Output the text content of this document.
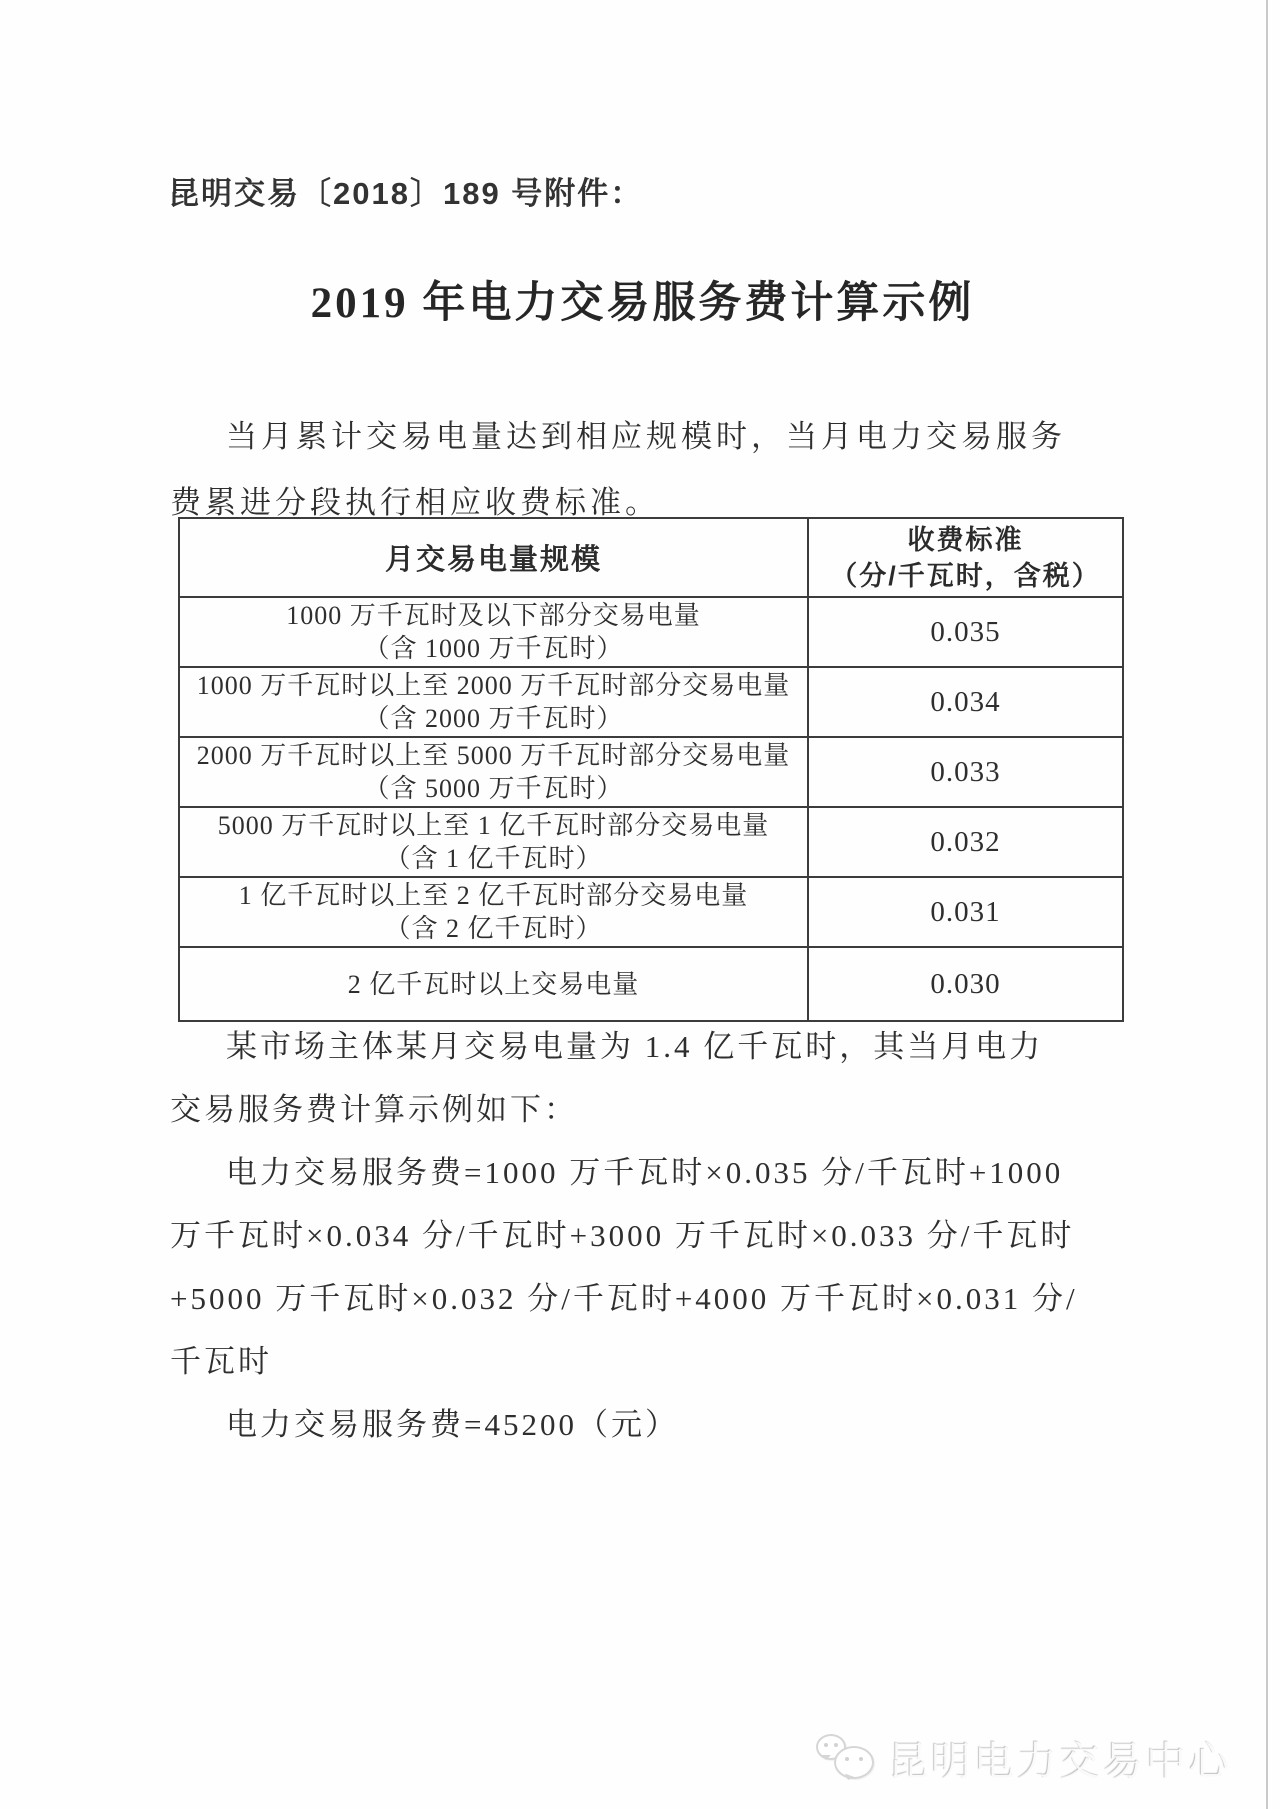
昆明交易〔2018〕189 号附件：
2019 年电力交易服务费计算示例
当月累计交易电量达到相应规模时，当月电力交易服务
费累进分段执行相应收费标准。
月交易电量规模	收费标准
（分/千瓦时，含税）

1000 万千瓦时及以下部分交易电量
（含 1000 万千瓦时）	0.035

1000 万千瓦时以上至 2000 万千瓦时部分交易电量
（含 2000 万千瓦时）	0.034

2000 万千瓦时以上至 5000 万千瓦时部分交易电量
（含 5000 万千瓦时）	0.033

5000 万千瓦时以上至 1 亿千瓦时部分交易电量
（含 1 亿千瓦时）	0.032

1 亿千瓦时以上至 2 亿千瓦时部分交易电量
（含 2 亿千瓦时）	0.031

2 亿千瓦时以上交易电量	0.030
某市场主体某月交易电量为 1.4 亿千瓦时，其当月电力
交易服务费计算示例如下：
电力交易服务费=1000 万千瓦时×0.035 分/千瓦时+1000
万千瓦时×0.034 分/千瓦时+3000 万千瓦时×0.033 分/千瓦时
+5000 万千瓦时×0.032 分/千瓦时+4000 万千瓦时×0.031 分/
千瓦时
电力交易服务费=45200（元）
昆明电力交易中心
